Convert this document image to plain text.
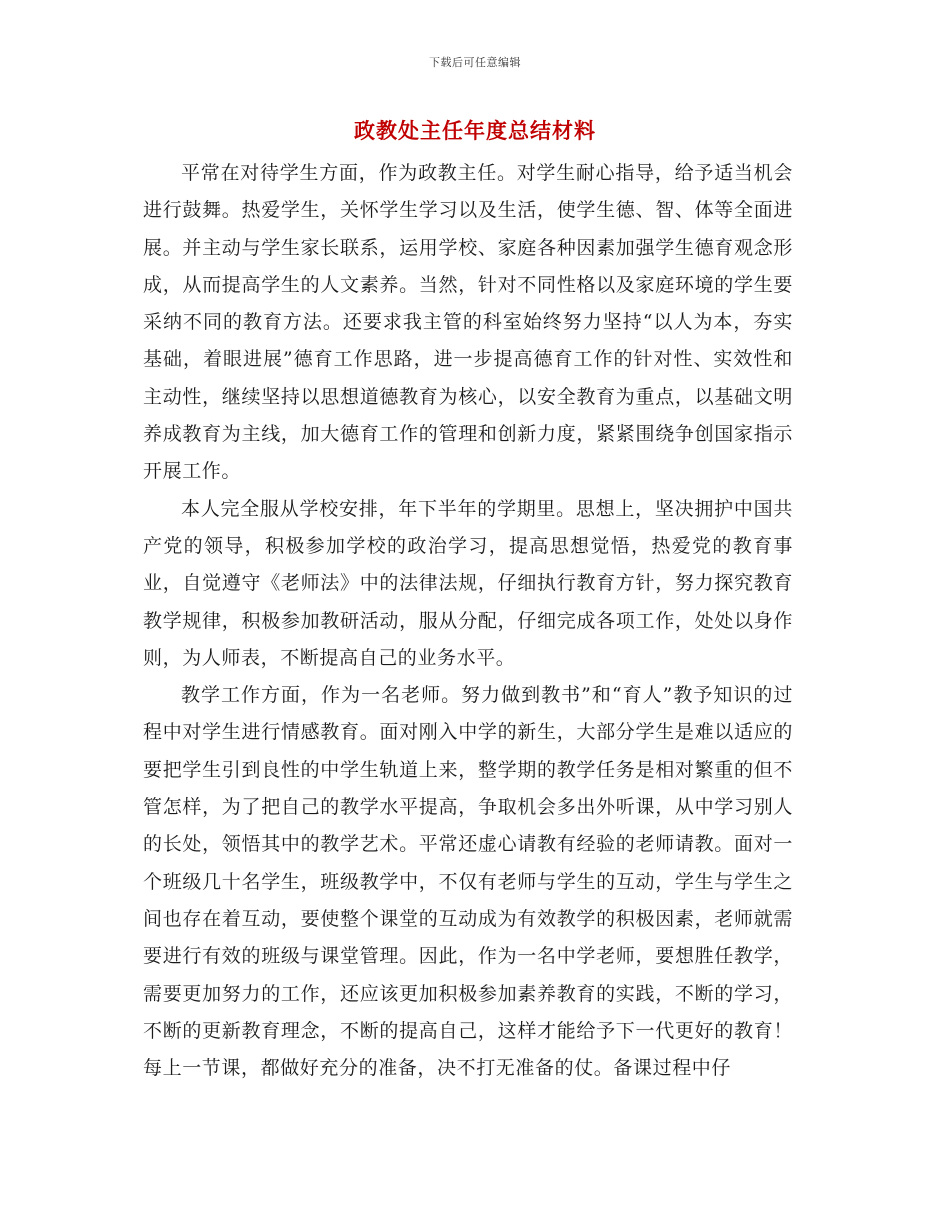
下载后可任意编辑
政教处主任年度总结材料

平常在对待学生方面，作为政教主任。对学生耐心指导，给予适当机会进行鼓舞。热爱学生，关怀学生学习以及生活，使学生德、智、体等全面进展。并主动与学生家长联系，运用学校、家庭各种因素加强学生德育观念形成，从而提高学生的人文素养。当然，针对不同性格以及家庭环境的学生要采纳不同的教育方法。还要求我主管的科室始终努力坚持“以人为本，夯实基础，着眼进展”德育工作思路，进一步提高德育工作的针对性、实效性和主动性，继续坚持以思想道德教育为核心，以安全教育为重点，以基础文明养成教育为主线，加大德育工作的管理和创新力度，紧紧围绕争创国家指示开展工作。

本人完全服从学校安排，年下半年的学期里。思想上，坚决拥护中国共产党的领导，积极参加学校的政治学习，提高思想觉悟，热爱党的教育事业，自觉遵守《老师法》中的法律法规，仔细执行教育方针，努力探究教育教学规律，积极参加教研活动，服从分配，仔细完成各项工作，处处以身作则，为人师表，不断提高自己的业务水平。

教学工作方面，作为一名老师。努力做到教书”和“育人”教予知识的过程中对学生进行情感教育。面对刚入中学的新生，大部分学生是难以适应的要把学生引到良性的中学生轨道上来，整学期的教学任务是相对繁重的但不管怎样，为了把自己的教学水平提高，争取机会多出外听课，从中学习别人的长处，领悟其中的教学艺术。平常还虚心请教有经验的老师请教。面对一个班级几十名学生，班级教学中，不仅有老师与学生的互动，学生与学生之间也存在着互动，要使整个课堂的互动成为有效教学的积极因素，老师就需要进行有效的班级与课堂管理。因此，作为一名中学老师，要想胜任教学，需要更加努力的工作，还应该更加积极参加素养教育的实践，不断的学习，不断的更新教育理念，不断的提高自己，这样才能给予下一代更好的教育！每上一节课，都做好充分的准备，决不打无准备的仗。备课过程中仔
